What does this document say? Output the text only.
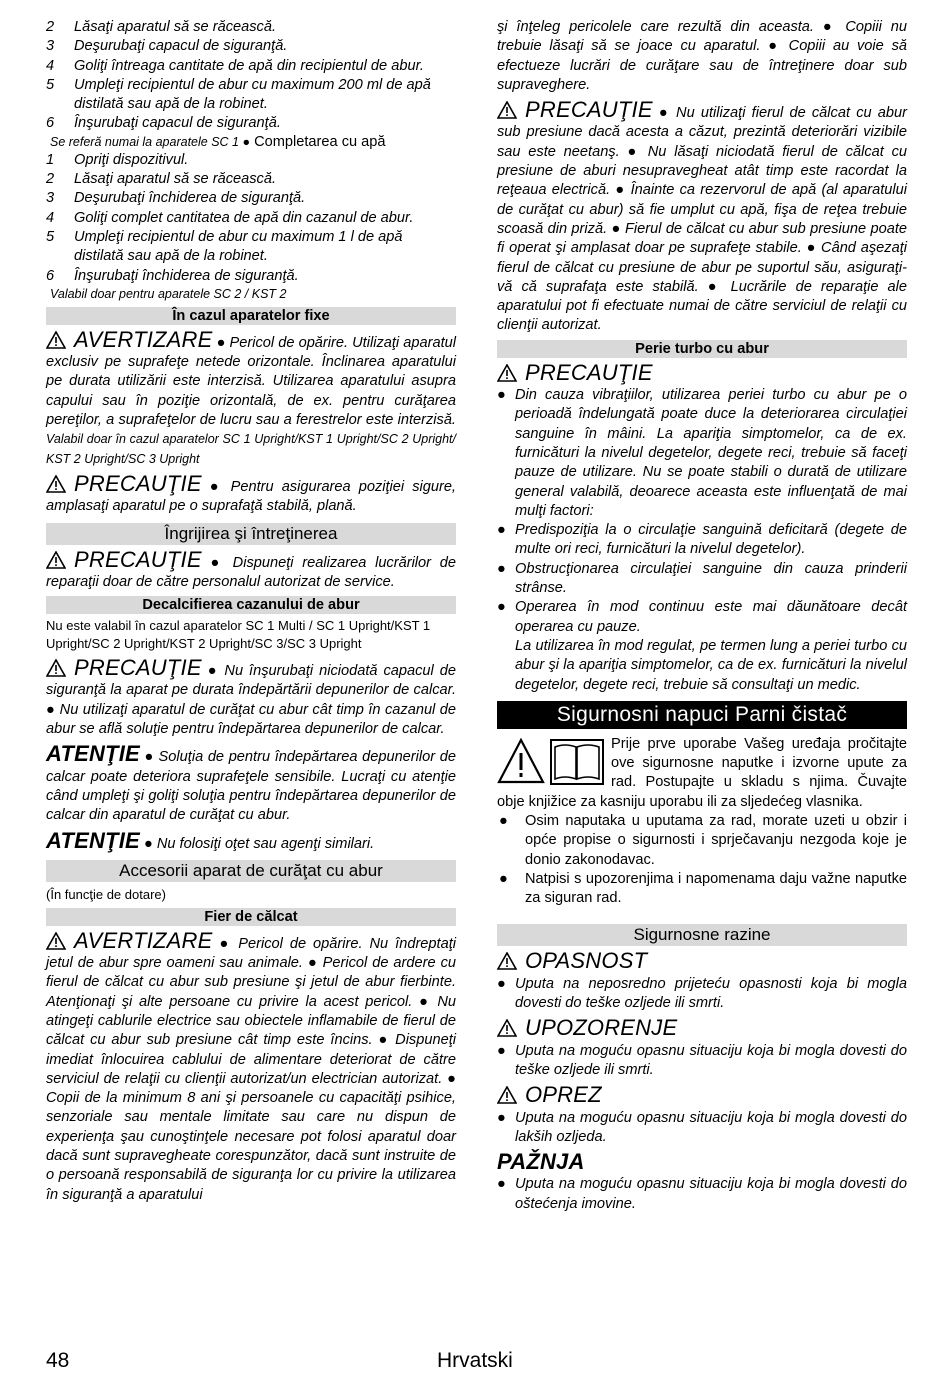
2 Lăsaţi aparatul să se răcească.
3 Deşurubaţi capacul de siguranţă.
4 Goliţi întreaga cantitate de apă din recipientul de abur.
5 Umpleţi recipientul de abur cu maximum 200 ml de apă distilată sau apă de la robinet.
6 Înşurubaţi capacul de siguranţă.
Se referă numai la aparatele SC 1 ● Completarea cu apă
1 Opriţi dispozitivul.
2 Lăsaţi aparatul să se răcească.
3 Deşurubaţi închiderea de siguranţă.
4 Goliţi complet cantitatea de apă din cazanul de abur.
5 Umpleţi recipientul de abur cu maximum 1 l de apă distilată sau apă de la robinet.
6 Înşurubaţi închiderea de siguranţă.
Valabil doar pentru aparatele SC 2 / KST 2
În cazul aparatelor fixe

AVERTIZARE ● Pericol de opărire. Utilizaţi aparatul exclusiv pe suprafeţe netede orizontale. Înclinarea aparatului pe durata utilizării este interzisă. Utilizarea aparatului asupra capului sau în poziţie orizontală, de ex. pentru curăţarea pereţilor, a suprafeţelor de lucru sau a ferestrelor este interzisă. Valabil doar în cazul aparatelor SC 1 Upright/KST 1 Upright/SC 2 Upright/ KST 2 Upright/SC 3 Upright

PRECAUŢIE ● Pentru asigurarea poziţiei sigure, amplasaţi aparatul pe o suprafaţă stabilă, plană.

Îngrijirea şi întreţinerea

PRECAUŢIE ● Dispuneţi realizarea lucrărilor de reparaţii doar de către personalul autorizat de service.

Decalcifierea cazanului de abur

Nu este valabil în cazul aparatelor SC 1 Multi / SC 1 Upright/KST 1 Upright/SC 2 Upright/KST 2 Upright/SC 3/SC 3 Upright

PRECAUŢIE ● Nu înşurubaţi niciodată capacul de siguranţă la aparat pe durata îndepărtării depunerilor de calcar. ● Nu utilizaţi aparatul de curăţat cu abur cât timp în cazanul de abur se află soluţie pentru îndepărtarea depunerilor de calcar.

ATENŢIE ● Soluţia de pentru îndepărtarea depunerilor de calcar poate deteriora suprafeţele sensibile. Lucraţi cu atenţie când umpleţi şi goliţi soluţia pentru îndepărtarea depunerilor de calcar din aparatul de curăţat cu abur.

ATENŢIE ● Nu folosiţi oţet sau agenţi similari.

Accesorii aparat de curăţat cu abur

(În funcţie de dotare)

Fier de călcat

AVERTIZARE ● Pericol de opărire. Nu îndreptaţi jetul de abur spre oameni sau animale. ● Pericol de ardere cu fierul de călcat cu abur sub presiune şi jetul de abur fierbinte. Atenţionaţi şi alte persoane cu privire la acest pericol. ● Nu atingeţi cablurile electrice sau obiectele inflamabile de fierul de călcat cu abur sub presiune cât timp este încins. ● Dispuneţi imediat înlocuirea cablului de alimentare deteriorat de către serviciul de relaţii cu clienţii autorizat/un electrician autorizat. ● Copii de la minimum 8 ani şi persoanele cu capacităţi psihice, senzoriale sau mentale limitate sau care nu dispun de experienţa şau cunoştinţele necesare pot folosi aparatul doar dacă sunt supravegheate corespunzător, dacă sunt instruite de o persoană responsabilă de siguranţa lor cu privire la utilizarea în siguranţă a aparatului

şi înţeleg pericolele care rezultă din aceasta. ● Copiii nu trebuie lăsaţi să se joace cu aparatul. ● Copiii au voie să efectueze lucrări de curăţare sau de întreţinere doar sub supraveghere.

PRECAUŢIE ● Nu utilizaţi fierul de călcat cu abur sub presiune dacă acesta a căzut, prezintă deteriorări vizibile sau este neetanş. ● Nu lăsaţi niciodată fierul de călcat cu presiune de aburi nesupravegheat atât timp este racordat la reţeaua electrică. ● Înainte ca rezervorul de apă (al aparatului de curăţat cu abur) să fie umplut cu apă, fişa de reţea trebuie scoasă din priză. ● Fierul de călcat cu abur sub presiune poate fi operat şi amplasat doar pe suprafeţe stabile. ● Când aşezaţi fierul de călcat cu presiune de abur pe suportul său, asiguraţi-vă că suprafaţa este stabilă. ● Lucrările de reparaţie ale aparatului pot fi efectuate numai de către serviciul de relaţii cu clienţii autorizat.

Perie turbo cu abur

PRECAUŢIE

● Din cauza vibraţiilor, utilizarea periei turbo cu abur pe o perioadă îndelungată poate duce la deteriorarea circulaţiei sanguine în mâini. La apariţia simptomelor, ca de ex. furnicături la nivelul degetelor, degete reci, trebuie să faceţi pauze de utilizare. Nu se poate stabili o durată de utilizare general valabilă, deoarece aceasta este influenţată de mai mulţi factori:
● Predispoziţia la o circulaţie sanguină deficitară (degete de multe ori reci, furnicături la nivelul degetelor).
● Obstrucţionarea circulaţiei sanguine din cauza prinderii strânse.
● Operarea în mod continuu este mai dăunătoare decât operarea cu pauze.

La utilizarea în mod regulat, pe termen lung a periei turbo cu abur şi la apariţia simptomelor, ca de ex. furnicături la nivelul degetelor, degete reci, trebuie să consultaţi un medic.

Sigurnosni napuci Parni čistač

Prije prve uporabe Vašeg uređaja pročitajte ove sigurnosne naputke i izvorne upute za rad. Postupajte u skladu s njima. Čuvajte obje knjižice za kasniju uporabu ili za sljedećeg vlasnika.

● Osim naputaka u uputama za rad, morate uzeti u obzir i opće propise o sigurnosti i sprječavanju nezgoda koje je donio zakonodavac.
● Natpisi s upozorenjima i napomenama daju važne naputke za siguran rad.
Sigurnosne razine

OPASNOST

● Uputa na neposredno prijeteću opasnosti koja bi mogla dovesti do teške ozljede ili smrti.

UPOZORENJE

● Uputa na moguću opasnu situaciju koja bi mogla dovesti do teške ozljede ili smrti.

OPREZ

● Uputa na moguću opasnu situaciju koja bi mogla dovesti do lakših ozljeda.

PAŽNJA

● Uputa na moguću opasnu situaciju koja bi mogla dovesti do oštećenja imovine.
48	Hrvatski
